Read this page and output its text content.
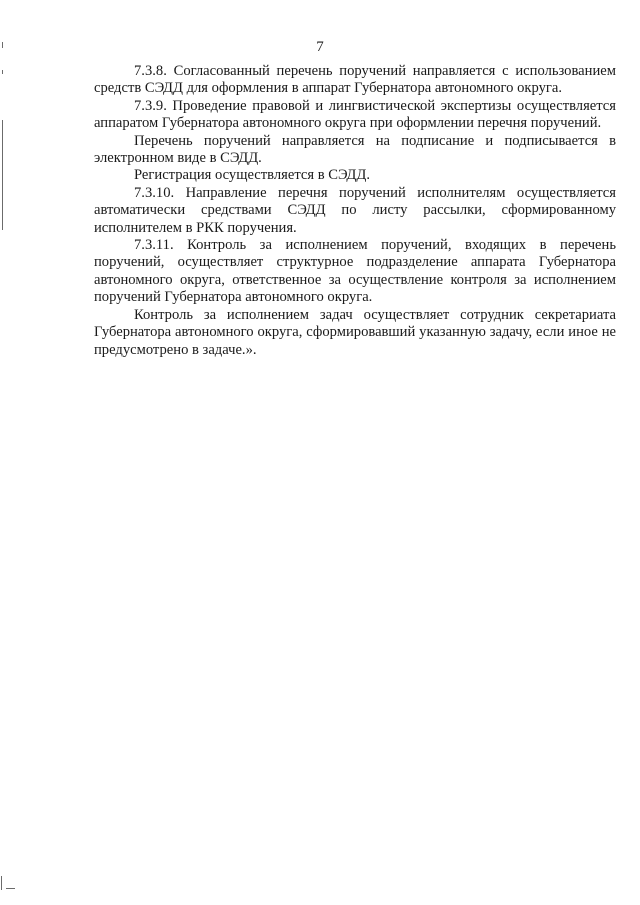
7

7.3.8. Согласованный перечень поручений направляется с использованием средств СЭДД для оформления в аппарат Губернатора автономного округа.

7.3.9. Проведение правовой и лингвистической экспертизы осуществляется аппаратом Губернатора автономного округа при оформлении перечня поручений.

Перечень поручений направляется на подписание и подписывается в электронном виде в СЭДД.

Регистрация осуществляется в СЭДД.

7.3.10. Направление перечня поручений исполнителям осуществляется автоматически средствами СЭДД по листу рассылки, сформированному исполнителем в РКК поручения.

7.3.11. Контроль за исполнением поручений, входящих в перечень поручений, осуществляет структурное подразделение аппарата Губернатора автономного округа, ответственное за осуществление контроля за исполнением поручений Губернатора автономного округа.

Контроль за исполнением задач осуществляет сотрудник секретариата Губернатора автономного округа, сформировавший указанную задачу, если иное не предусмотрено в задаче.».
